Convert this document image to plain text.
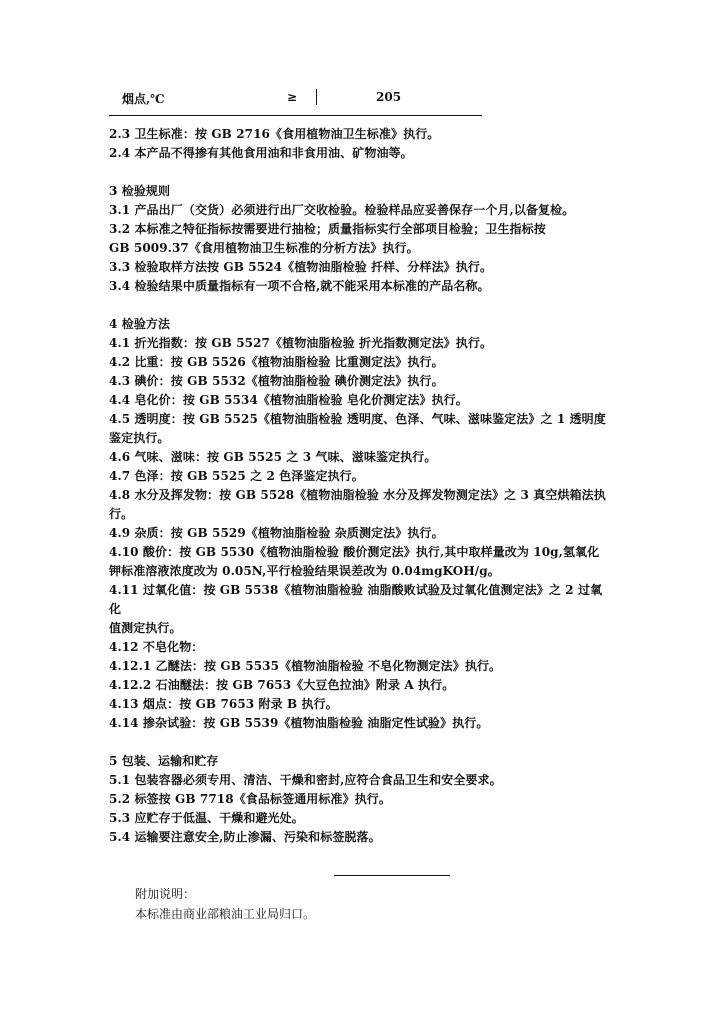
烟点,℃	≥	205
2.3 卫生标准：按 GB 2716《食用植物油卫生标准》执行。
2.4 本产品不得掺有其他食用油和非食用油、矿物油等。
3 检验规则
3.1 产品出厂（交货）必须进行出厂交收检验。检验样品应妥善保存一个月,以备复检。
3.2 本标准之特征指标按需要进行抽检；质量指标实行全部项目检验；卫生指标按
GB 5009.37《食用植物油卫生标准的分析方法》执行。
3.3 检验取样方法按 GB 5524《植物油脂检验 扦样、分样法》执行。
3.4 检验结果中质量指标有一项不合格,就不能采用本标准的产品名称。
4 检验方法
4.1 折光指数：按 GB 5527《植物油脂检验 折光指数测定法》执行。
4.2 比重：按 GB 5526《植物油脂检验 比重测定法》执行。
4.3 碘价：按 GB 5532《植物油脂检验 碘价测定法》执行。
4.4 皂化价：按 GB 5534《植物油脂检验 皂化价测定法》执行。
4.5 透明度：按 GB 5525《植物油脂检验 透明度、色泽、气味、滋味鉴定法》之 1 透明度
鉴定执行。
4.6 气味、滋味：按 GB 5525 之 3 气味、滋味鉴定执行。
4.7 色泽：按 GB 5525 之 2 色泽鉴定执行。
4.8 水分及挥发物：按 GB 5528《植物油脂检验 水分及挥发物测定法》之 3 真空烘箱法执
行。
4.9 杂质：按 GB 5529《植物油脂检验 杂质测定法》执行。
4.10 酸价：按 GB 5530《植物油脂检验 酸价测定法》执行,其中取样量改为 10g,氢氧化
钾标准溶液浓度改为 0.05N,平行检验结果误差改为 0.04mgKOH/g。
4.11 过氧化值：按 GB 5538《植物油脂检验 油脂酸败试验及过氧化值测定法》之 2 过氧
化
值测定执行。
4.12 不皂化物：
4.12.1 乙醚法：按 GB 5535《植物油脂检验 不皂化物测定法》执行。
4.12.2 石油醚法：按 GB 7653《大豆色拉油》附录 A 执行。
4.13 烟点：按 GB 7653 附录 B 执行。
4.14 掺杂试验：按 GB 5539《植物油脂检验 油脂定性试验》执行。
5 包装、运输和贮存
5.1 包装容器必须专用、清洁、干燥和密封,应符合食品卫生和安全要求。
5.2 标签按 GB 7718《食品标签通用标准》执行。
5.3 应贮存于低温、干燥和避光处。
5.4 运输要注意安全,防止渗漏、污染和标签脱落。
附加说明：
本标准由商业部粮油工业局归口。
